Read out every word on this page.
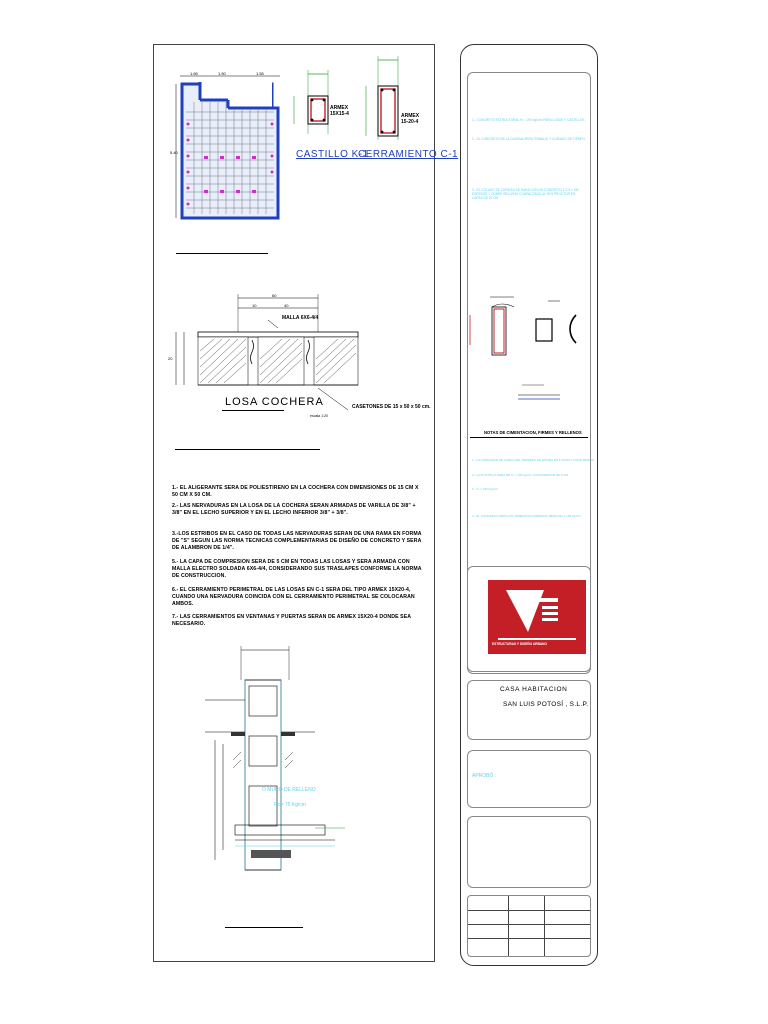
1.65	1.50	1.55
5.40
ARMEX
15X15-4
CASTILLO K-1
ARMEX
15-20-4
CERRAMIENTO C-1
60
10	40
20
MALLA 6X6-4/4
LOSA COCHERA	CASETONES DE 15 x 50 x 50 cm.
escala 1:20
1.- EL ALIGERANTE SERA DE POLIESTIRENO EN LA COCHERA CON DIMENSIONES DE 15 CM X 50 CM X 50 CM.
2.- LAS NERVADURAS EN LA LOSA DE LA COCHERA SERAN ARMADAS DE VARILLA DE 3/8" + 3/8" EN EL LECHO SUPERIOR Y EN EL LECHO INFERIOR 3/8" + 3/8".
3.-LOS ESTRIBOS EN EL CASO DE TODAS LAS NERVADURAS SERAN DE UNA RAMA EN FORMA DE "S" SEGUN LAS NORMA TECNICAS COMPLEMENTARIAS DE DISEÑO DE CONCRETO Y SERA DE ALAMBRON DE 1/4".
5.- LA CAPA DE COMPRESION SERA DE 5 CM EN TODAS LAS LOSAS Y SERA ARMADA CON MALLA ELECTRO SOLDADA 6X6-4/4, CONSIDERANDO SUS TRASLAPES CONFORME LA NORMA DE CONSTRUCCION.
6.- EL CERRAMIENTO PERIMETRAL DE LAS LOSAS EN C-1 SERA DEL TIPO ARMEX 15X20-4, CUANDO UNA NERVADURA COINCIDA CON EL CERRAMIENTO PERIMETRAL SE COLOCARAN AMBOS.
7.- LAS CERRAMIENTOS EN VENTANAS Y PUERTAS SERAN DE ARMEX 15X20-4 DONDE SEA NECESARIO.
O MURO DE RELLENO
F'c= 75 Kg/cm
1.- CONCRETO ESTRUCTURAL f'c = 200 kg/cm² PARA LOSAS Y CASTILLOS
2.- EL CONCRETO DE LA CADENA SERA TRABAJO Y CUIDADO DE TIEMPO
3.- EL COLADO DE ZAPATAS SE HARA CON UN CONCRETO 1:2:3 Y UN ESPESOR Y SOBRE RELLENO COMPACTADO AL 90% PROCTOR EN CAPAS DE 20 CM
NOTAS DE CIMENTACION, FIRMES Y RELLENOS
1.- LA CAPACIDAD DE CARGA DEL TERRENO SE ESTIMA EN 8 TON/m² COMO MINIMO
2.- LA PLANTILLA SERA DE f'c = 100 kg/cm² CON ESPESOR DE 5 CM
3.- f'c = 150 Kg/cm²
4.- EL CONCRETO PARA LOS CIMIENTOS CORRIDOS SERA DE f'c 150 kg/cm²
ESTRUCTURAS Y DISEÑO URBANO
CASA HABITACION
SAN LUIS POTOSÍ , S.L.P.
APROBÓ :
